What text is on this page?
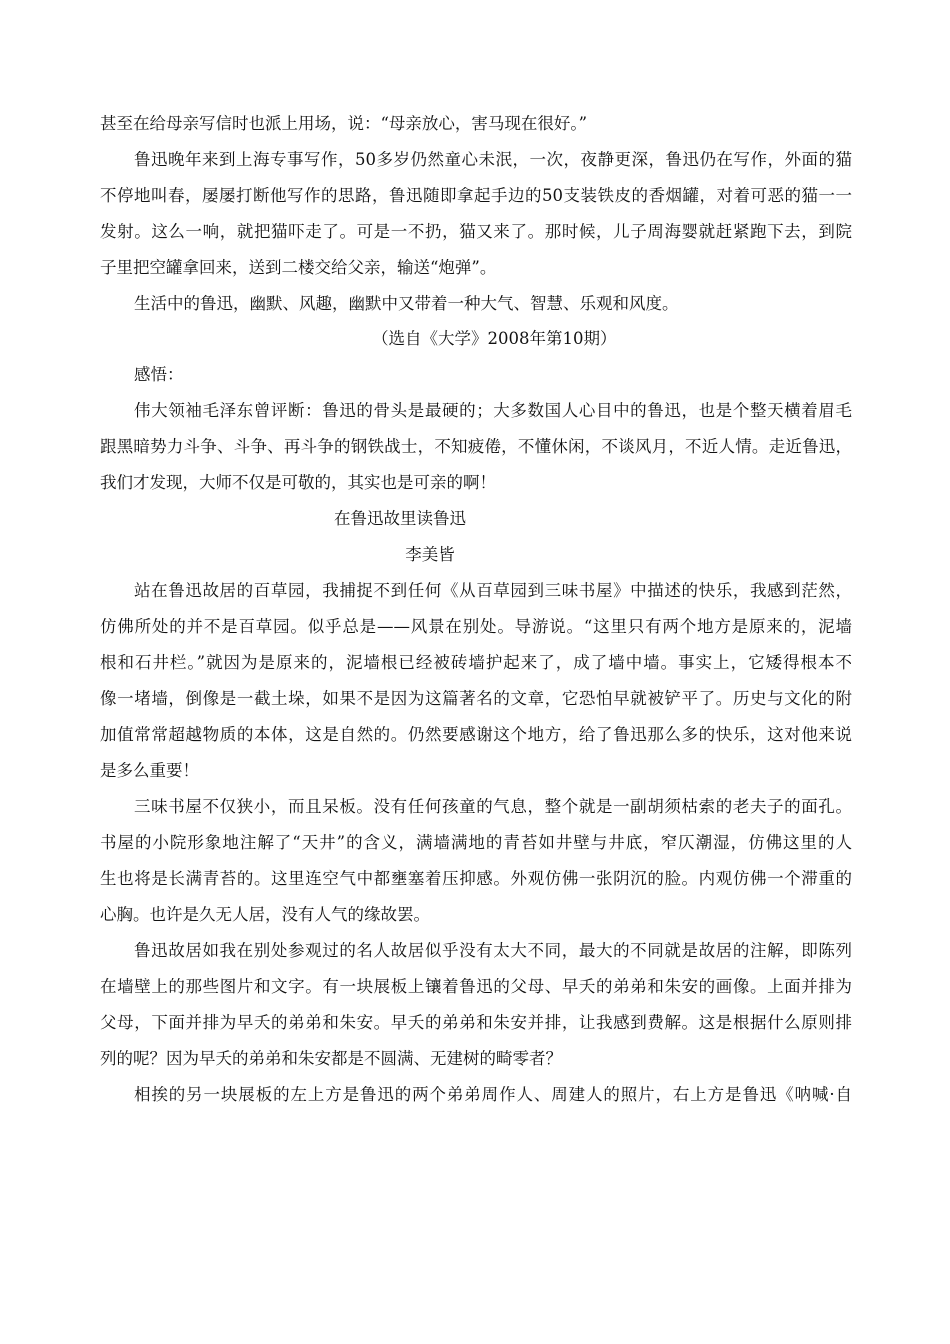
甚至在给母亲写信时也派上用场，说：“母亲放心，害马现在很好。”
鲁迅晚年来到上海专事写作，50多岁仍然童心未泯，一次，夜静更深，鲁迅仍在写作，外面的猫
不停地叫春，屡屡打断他写作的思路，鲁迅随即拿起手边的50支装铁皮的香烟罐，对着可恶的猫一一
发射。这么一响，就把猫吓走了。可是一不扔，猫又来了。那时候，儿子周海婴就赶紧跑下去，到院
子里把空罐拿回来，送到二楼交给父亲，输送“炮弹”。
生活中的鲁迅，幽默、风趣，幽默中又带着一种大气、智慧、乐观和风度。
（选自《大学》2008年第10期）
感悟：
伟大领袖毛泽东曾评断：鲁迅的骨头是最硬的；大多数国人心目中的鲁迅，也是个整天横着眉毛
跟黑暗势力斗争、斗争、再斗争的钢铁战士，不知疲倦，不懂休闲，不谈风月，不近人情。走近鲁迅，
我们才发现，大师不仅是可敬的，其实也是可亲的啊！
在鲁迅故里读鲁迅
李美皆
站在鲁迅故居的百草园，我捕捉不到任何《从百草园到三味书屋》中描述的快乐，我感到茫然，
仿佛所处的并不是百草园。似乎总是——风景在别处。导游说。“这里只有两个地方是原来的，泥墙
根和石井栏。”就因为是原来的，泥墙根已经被砖墙护起来了，成了墙中墙。事实上，它矮得根本不
像一堵墙，倒像是一截土垛，如果不是因为这篇著名的文章，它恐怕早就被铲平了。历史与文化的附
加值常常超越物质的本体，这是自然的。仍然要感谢这个地方，给了鲁迅那么多的快乐，这对他来说
是多么重要！
三味书屋不仅狭小，而且呆板。没有任何孩童的气息，整个就是一副胡须枯索的老夫子的面孔。
书屋的小院形象地注解了“天井”的含义，满墙满地的青苔如井壁与井底，窄仄潮湿，仿佛这里的人
生也将是长满青苔的。这里连空气中都壅塞着压抑感。外观仿佛一张阴沉的脸。内观仿佛一个滞重的
心胸。也许是久无人居，没有人气的缘故罢。
鲁迅故居如我在别处参观过的名人故居似乎没有太大不同，最大的不同就是故居的注解，即陈列
在墙壁上的那些图片和文字。有一块展板上镶着鲁迅的父母、早夭的弟弟和朱安的画像。上面并排为
父母，下面并排为早夭的弟弟和朱安。早夭的弟弟和朱安并排，让我感到费解。这是根据什么原则排
列的呢？因为早夭的弟弟和朱安都是不圆满、无建树的畸零者？
相挨的另一块展板的左上方是鲁迅的两个弟弟周作人、周建人的照片，右上方是鲁迅《呐喊·自
